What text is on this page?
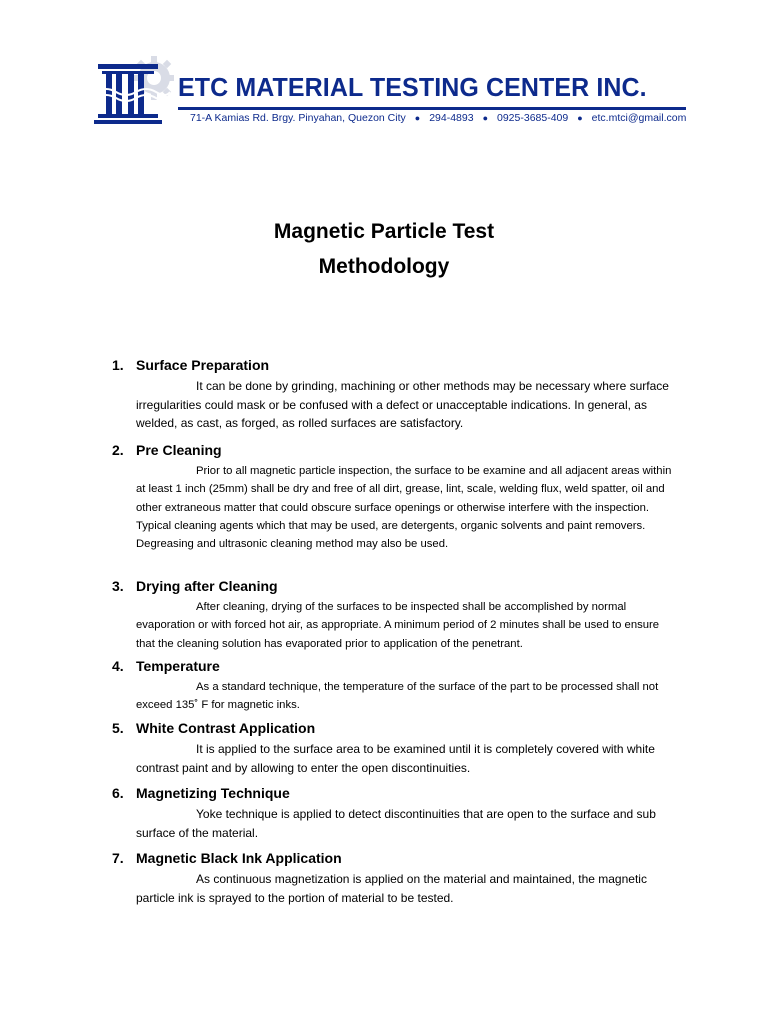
ETC MATERIAL TESTING CENTER INC.
71-A Kamias Rd. Brgy. Pinyahan, Quezon City ● 294-4893 ● 0925-3685-409 ● etc.mtci@gmail.com
Magnetic Particle Test
Methodology

1. Surface Preparation

It can be done by grinding, machining or other methods may be necessary where surface irregularities could mask or be confused with a defect or unacceptable indications. In general, as welded, as cast, as forged, as rolled surfaces are satisfactory.

2. Pre Cleaning

Prior to all magnetic particle inspection, the surface to be examine and all adjacent areas within at least 1 inch (25mm) shall be dry and free of all dirt, grease, lint, scale, welding flux, weld spatter, oil and other extraneous matter that could obscure surface openings or otherwise interfere with the inspection. Typical cleaning agents which that may be used, are detergents, organic solvents and paint removers. Degreasing and ultrasonic cleaning method may also be used.

3. Drying after Cleaning

After cleaning, drying of the surfaces to be inspected shall be accomplished by normal evaporation or with forced hot air, as appropriate. A minimum period of 2 minutes shall be used to ensure that the cleaning solution has evaporated prior to application of the penetrant.

4. Temperature

As a standard technique, the temperature of the surface of the part to be processed shall not exceed 135˚ F for magnetic inks.

5. White Contrast Application

It is applied to the surface area to be examined until it is completely covered with white contrast paint and by allowing to enter the open discontinuities.

6. Magnetizing Technique

Yoke technique is applied to detect discontinuities that are open to the surface and sub surface of the material.

7. Magnetic Black Ink Application

As continuous magnetization is applied on the material and maintained, the magnetic particle ink is sprayed to the portion of material to be tested.
